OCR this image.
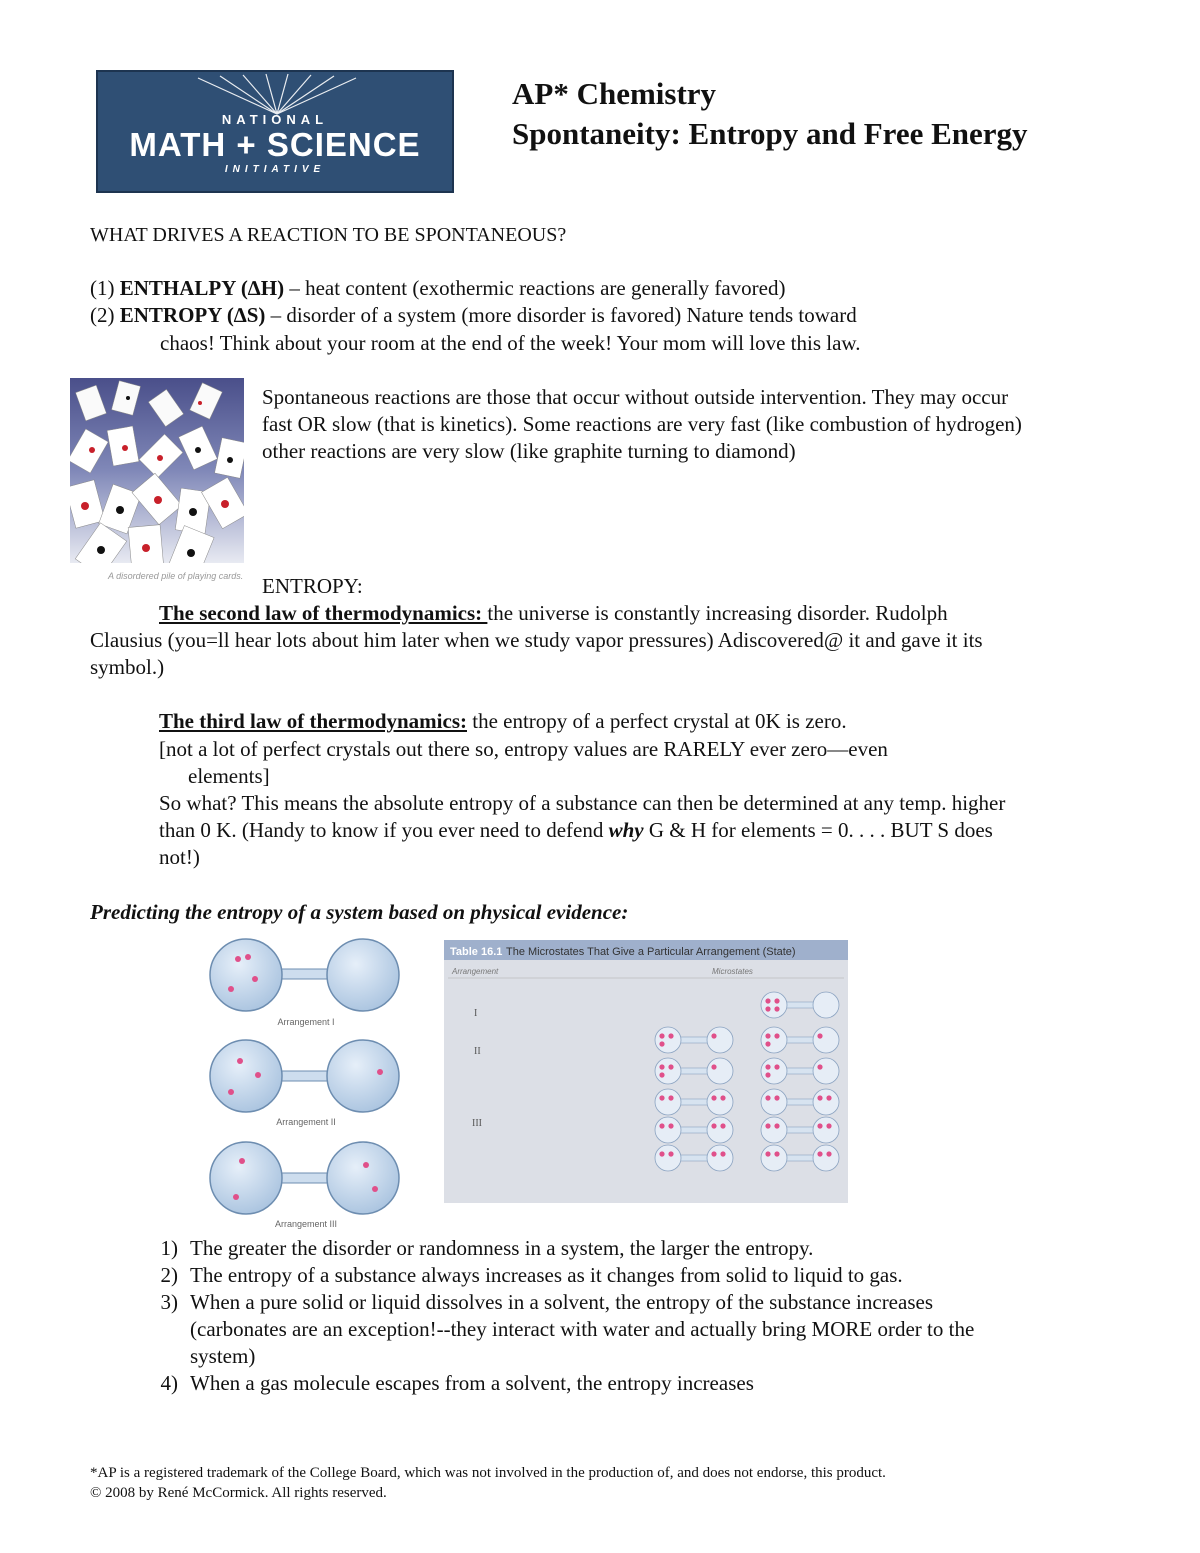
NATIONAL
MATH + SCIENCE
INITIATIVE
AP* Chemistry
Spontaneity: Entropy and Free Energy
WHAT DRIVES A REACTION TO BE SPONTANEOUS?
(1) ENTHALPY (∆H) – heat content (exothermic reactions are generally favored)
(2) ENTROPY (∆S) – disorder of a system (more disorder is favored) Nature tends toward
chaos! Think about your room at the end of the week! Your mom will love this law.
A disordered pile of playing cards.
Spontaneous reactions are those that occur without outside intervention. They may occur
fast OR slow (that is kinetics). Some reactions are very fast (like combustion of hydrogen)
other reactions are very slow (like graphite turning to diamond)
ENTROPY:
The second law of thermodynamics: the universe is constantly increasing disorder. Rudolph
Clausius (you=ll hear lots about him later when we study vapor pressures) Adiscovered@ it and gave it its
symbol.)
The third law of thermodynamics: the entropy of a perfect crystal at 0K is zero.
[not a lot of perfect crystals out there so, entropy values are RARELY ever zero—even
elements]
So what? This means the absolute entropy of a substance can then be determined at any temp. higher
than 0 K. (Handy to know if you ever need to defend why G & H for elements = 0. . . . BUT S does
not!)
Predicting the entropy of a system based on physical evidence:
Arrangement I
Arrangement II
Arrangement III
Table 16.1 The Microstates That Give a Particular Arrangement (State)
Arrangement	Microstates
I
II
III
1) The greater the disorder or randomness in a system, the larger the entropy.
2) The entropy of a substance always increases as it changes from solid to liquid to gas.
3) When a pure solid or liquid dissolves in a solvent, the entropy of the substance increases
(carbonates are an exception!--they interact with water and actually bring MORE order to the
system)
4) When a gas molecule escapes from a solvent, the entropy increases
*AP is a registered trademark of the College Board, which was not involved in the production of, and does not endorse, this product.
© 2008 by René McCormick. All rights reserved.
